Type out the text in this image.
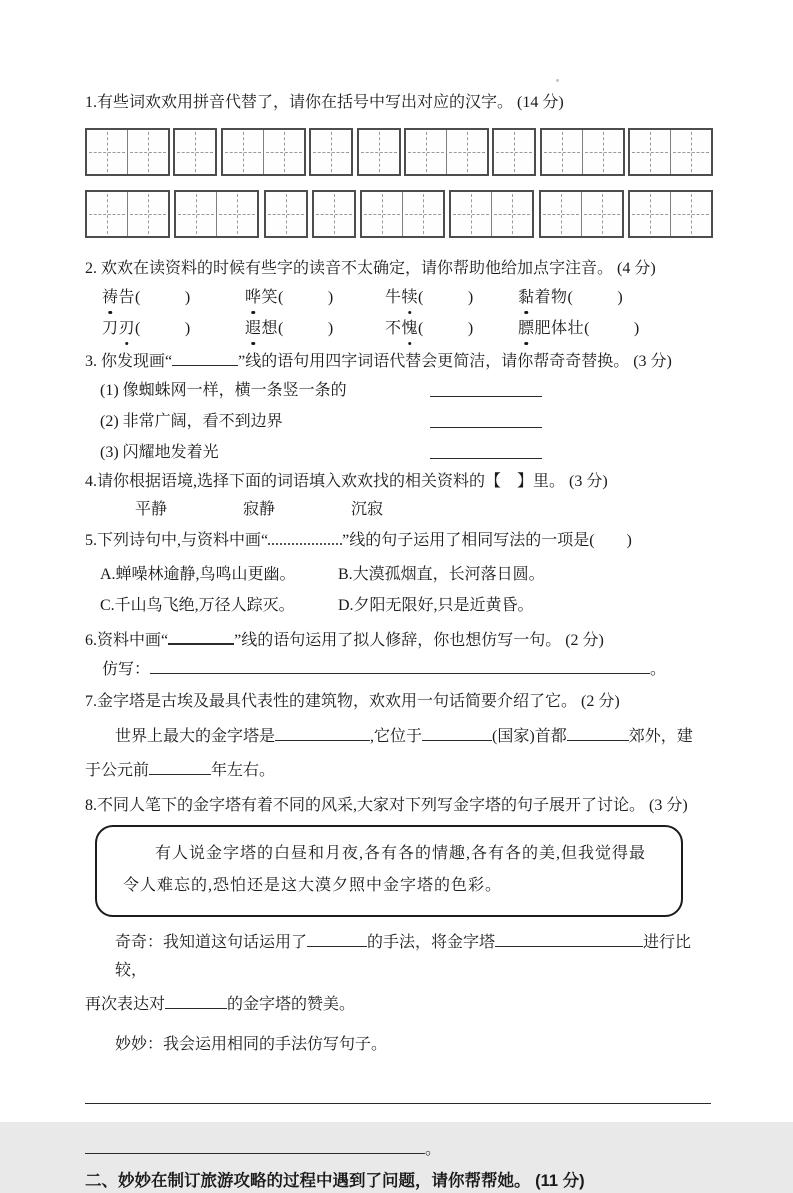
1.有些词欢欢用拼音代替了，请你在括号中写出对应的汉字。 (14 分)
2. 欢欢在读资料的时候有些字的读音不太确定，请你帮助他给加点字注音。 (4 分)
祷告(	)	哗笑(	)	牛犊(	)	黏着物(	)
刀刃(	)	遐想(	)	不愧(	)	膘肥体壮(	)
3. 你发现画“	”线的语句用四字词语代替会更简洁，请你帮奇奇替换。 (3 分)
(1) 像蜘蛛网一样，横一条竖一条的
(2) 非常广阔，看不到边界
(3) 闪耀地发着光
4.请你根据语境,选择下面的词语填入欢欢找的相关资料的【　】里。 (3 分)
平静	寂静	沉寂
5.下列诗句中,与资料中画“	”线的句子运用了相同写法的一项是(　　)
A.蝉噪林逾静,鸟鸣山更幽。	B.大漠孤烟直，长河落日圆。
C.千山鸟飞绝,万径人踪灭。	D.夕阳无限好,只是近黄昏。
6.资料中画“	”线的语句运用了拟人修辞，你也想仿写一句。 (2 分)
仿写：	。
7.金字塔是古埃及最具代表性的建筑物，欢欢用一句话简要介绍了它。 (2 分)
世界上最大的金字塔是	,它位于	(国家)首都	郊外，建
于公元前	年左右。
8.不同人笔下的金字塔有着不同的风采,大家对下列写金字塔的句子展开了讨论。 (3 分)

有人说金字塔的白昼和月夜,各有各的情趣,各有各的美,但我觉得最令人难忘的,恐怕还是这大漠夕照中金字塔的色彩。

奇奇：我知道这句话运用了	的手法，将金字塔	进行比较，
再次表达对	的金字塔的赞美。
妙妙：我会运用相同的手法仿写句子。
。
二、妙妙在制订旅游攻略的过程中遇到了问题，请你帮帮她。 (11 分)
